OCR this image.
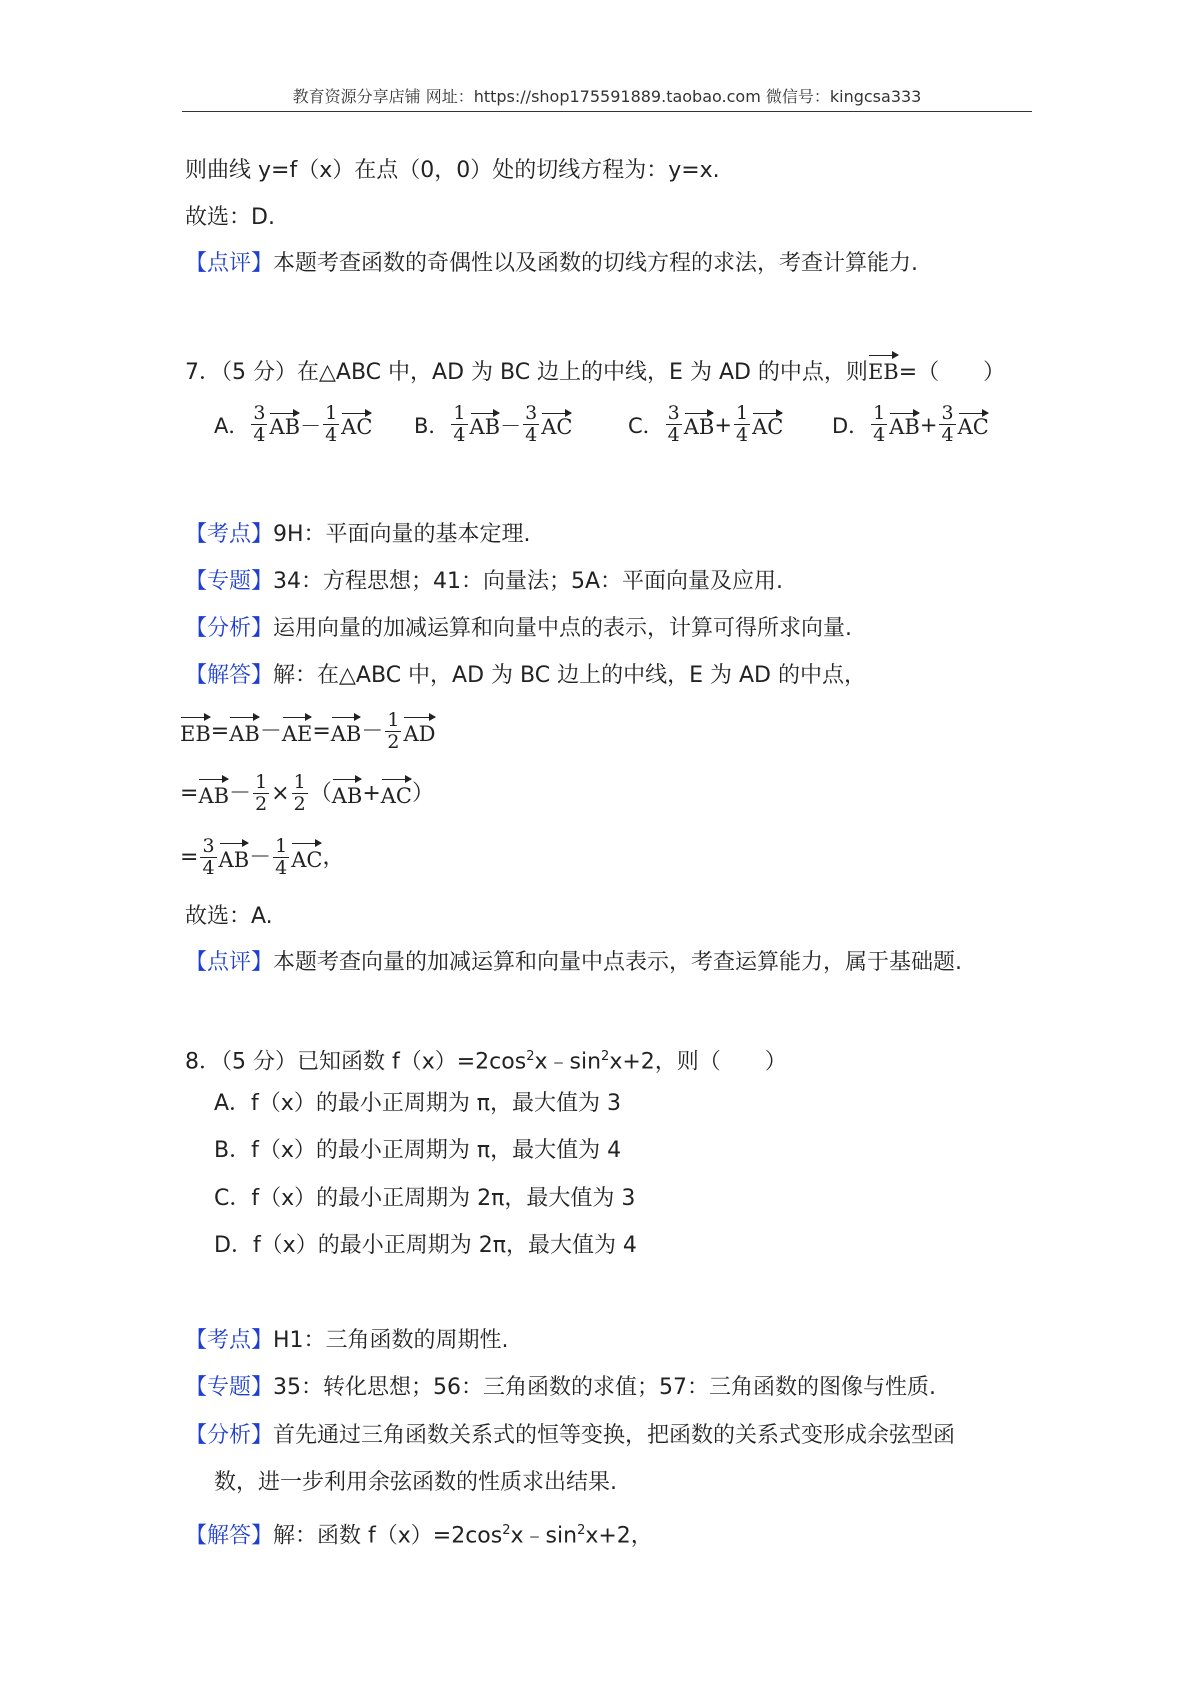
教育资源分享店铺 网址：https://shop175591889.taobao.com 微信号：kingcsa333
则曲线 y=f（x）在点（0，0）处的切线方程为：y=x.
故选：D.
【点评】本题考查函数的奇偶性以及函数的切线方程的求法，考查计算能力.
7．（5 分）在△ABC 中，AD 为 BC 边上的中线，E 为 AD 的中点，则EB=（　　）
A． $\frac{3}{4}$ AB － $\frac{1}{4}$ AC B． $\frac{1}{4}$ AB － $\frac{3}{4}$ AC	C． $\frac{3}{4}$ AB + $\frac{1}{4}$ AC D． $\frac{1}{4}$ AB + $\frac{3}{4}$ AC
【考点】9H：平面向量的基本定理.
【专题】34：方程思想；41：向量法；5A：平面向量及应用.
【分析】运用向量的加减运算和向量中点的表示，计算可得所求向量.
【解答】解：在△ABC 中，AD 为 BC 边上的中线，E 为 AD 的中点，
EB = AB － AE = AB － $\frac{1}{2}$ AD
= AB － $\frac{1}{2} \times \frac{1}{2}$ （ AB + AC ）
= $\frac{3}{4}$ AB － $\frac{1}{4}$ AC ，
故选：A.
【点评】本题考查向量的加减运算和向量中点表示，考查运算能力，属于基础题.
8．（5 分）已知函数 $f(x)=2\cos^2x﹣\sin^2x+2$，则（　　）
A．f（x）的最小正周期为 π，最大值为 3
B．f（x）的最小正周期为 π，最大值为 4
C．f（x）的最小正周期为 2π，最大值为 3
D．f（x）的最小正周期为 2π，最大值为 4
【考点】H1：三角函数的周期性.
【专题】35：转化思想；56：三角函数的求值；57：三角函数的图像与性质.
【分析】首先通过三角函数关系式的恒等变换，把函数的关系式变形成余弦型函
数，进一步利用余弦函数的性质求出结果.
【解答】解：函数 $f(x)=2\cos^2x﹣\sin^2x+2$，
